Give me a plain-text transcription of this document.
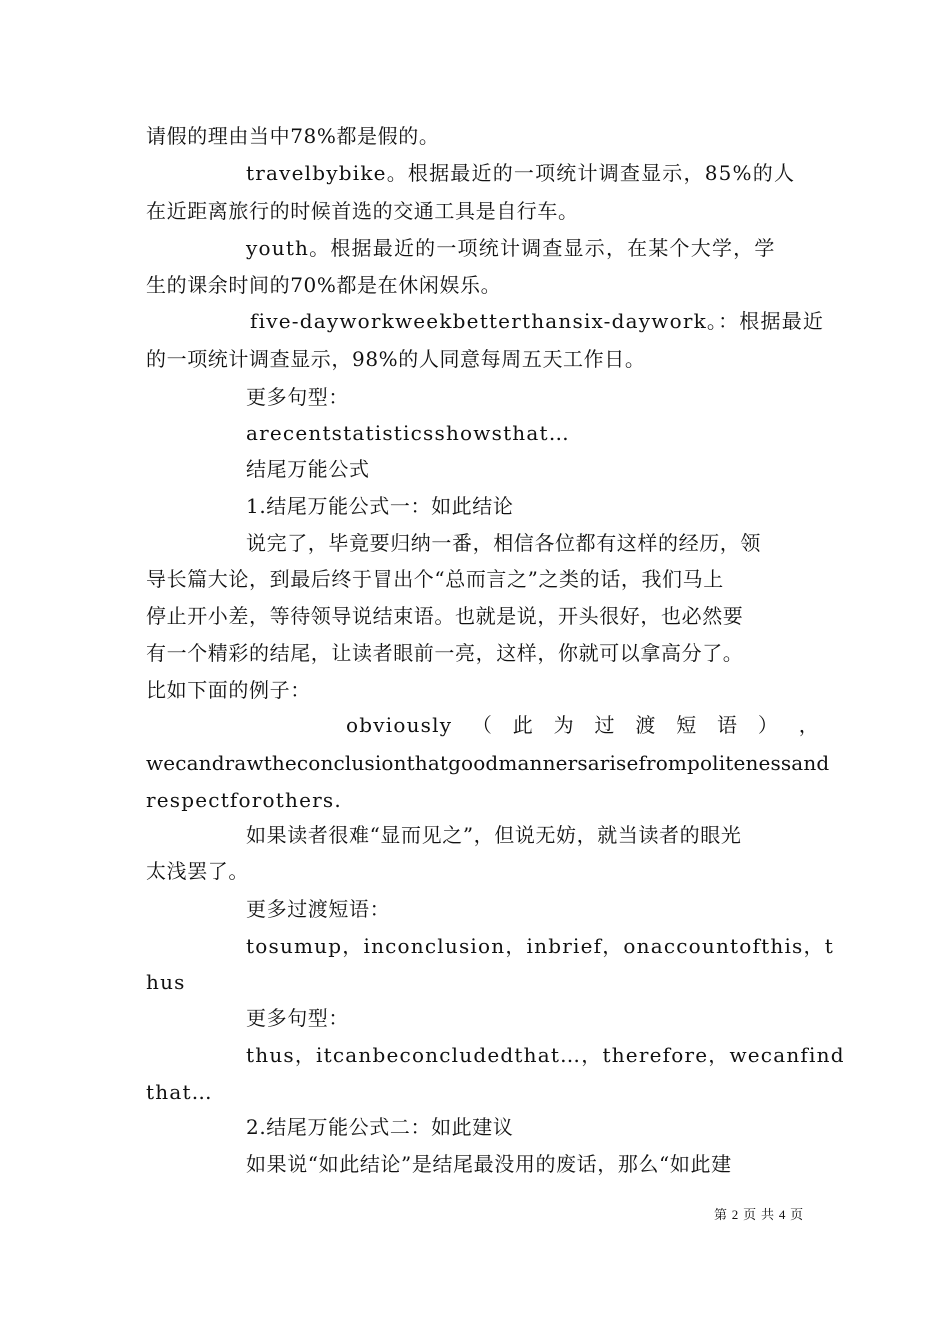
请假的理由当中78%都是假的。
travelbybike。根据最近的一项统计调查显示，85%的人
在近距离旅行的时候首选的交通工具是自行车。
youth。根据最近的一项统计调查显示，在某个大学，学
生的课余时间的70%都是在休闲娱乐。
five-dayworkweekbetterthansix-daywork。：根据最近
的一项统计调查显示，98%的人同意每周五天工作日。
更多句型：
arecentstatisticsshowsthat…
结尾万能公式
1.结尾万能公式一：如此结论
说完了，毕竟要归纳一番，相信各位都有这样的经历，领
导长篇大论，到最后终于冒出个“总而言之”之类的话，我们马上
停止开小差，等待领导说结束语。也就是说，开头很好，也必然要
有一个精彩的结尾，让读者眼前一亮，这样，你就可以拿高分了。
比如下面的例子：
obviously （ 此 为 过 渡 短 语 ） ，
wecandrawtheconclusionthatgoodmannersarisefrompolitenessand
respectforothers.
如果读者很难“显而见之”，但说无妨，就当读者的眼光
太浅罢了。
更多过渡短语：
tosumup，inconclusion，inbrief，onaccountofthis，t
hus
更多句型：
thus，itcanbeconcludedthat…，therefore，wecanfind
that…
2.结尾万能公式二：如此建议
如果说“如此结论”是结尾最没用的废话，那么“如此建
第 2 页 共 4 页
